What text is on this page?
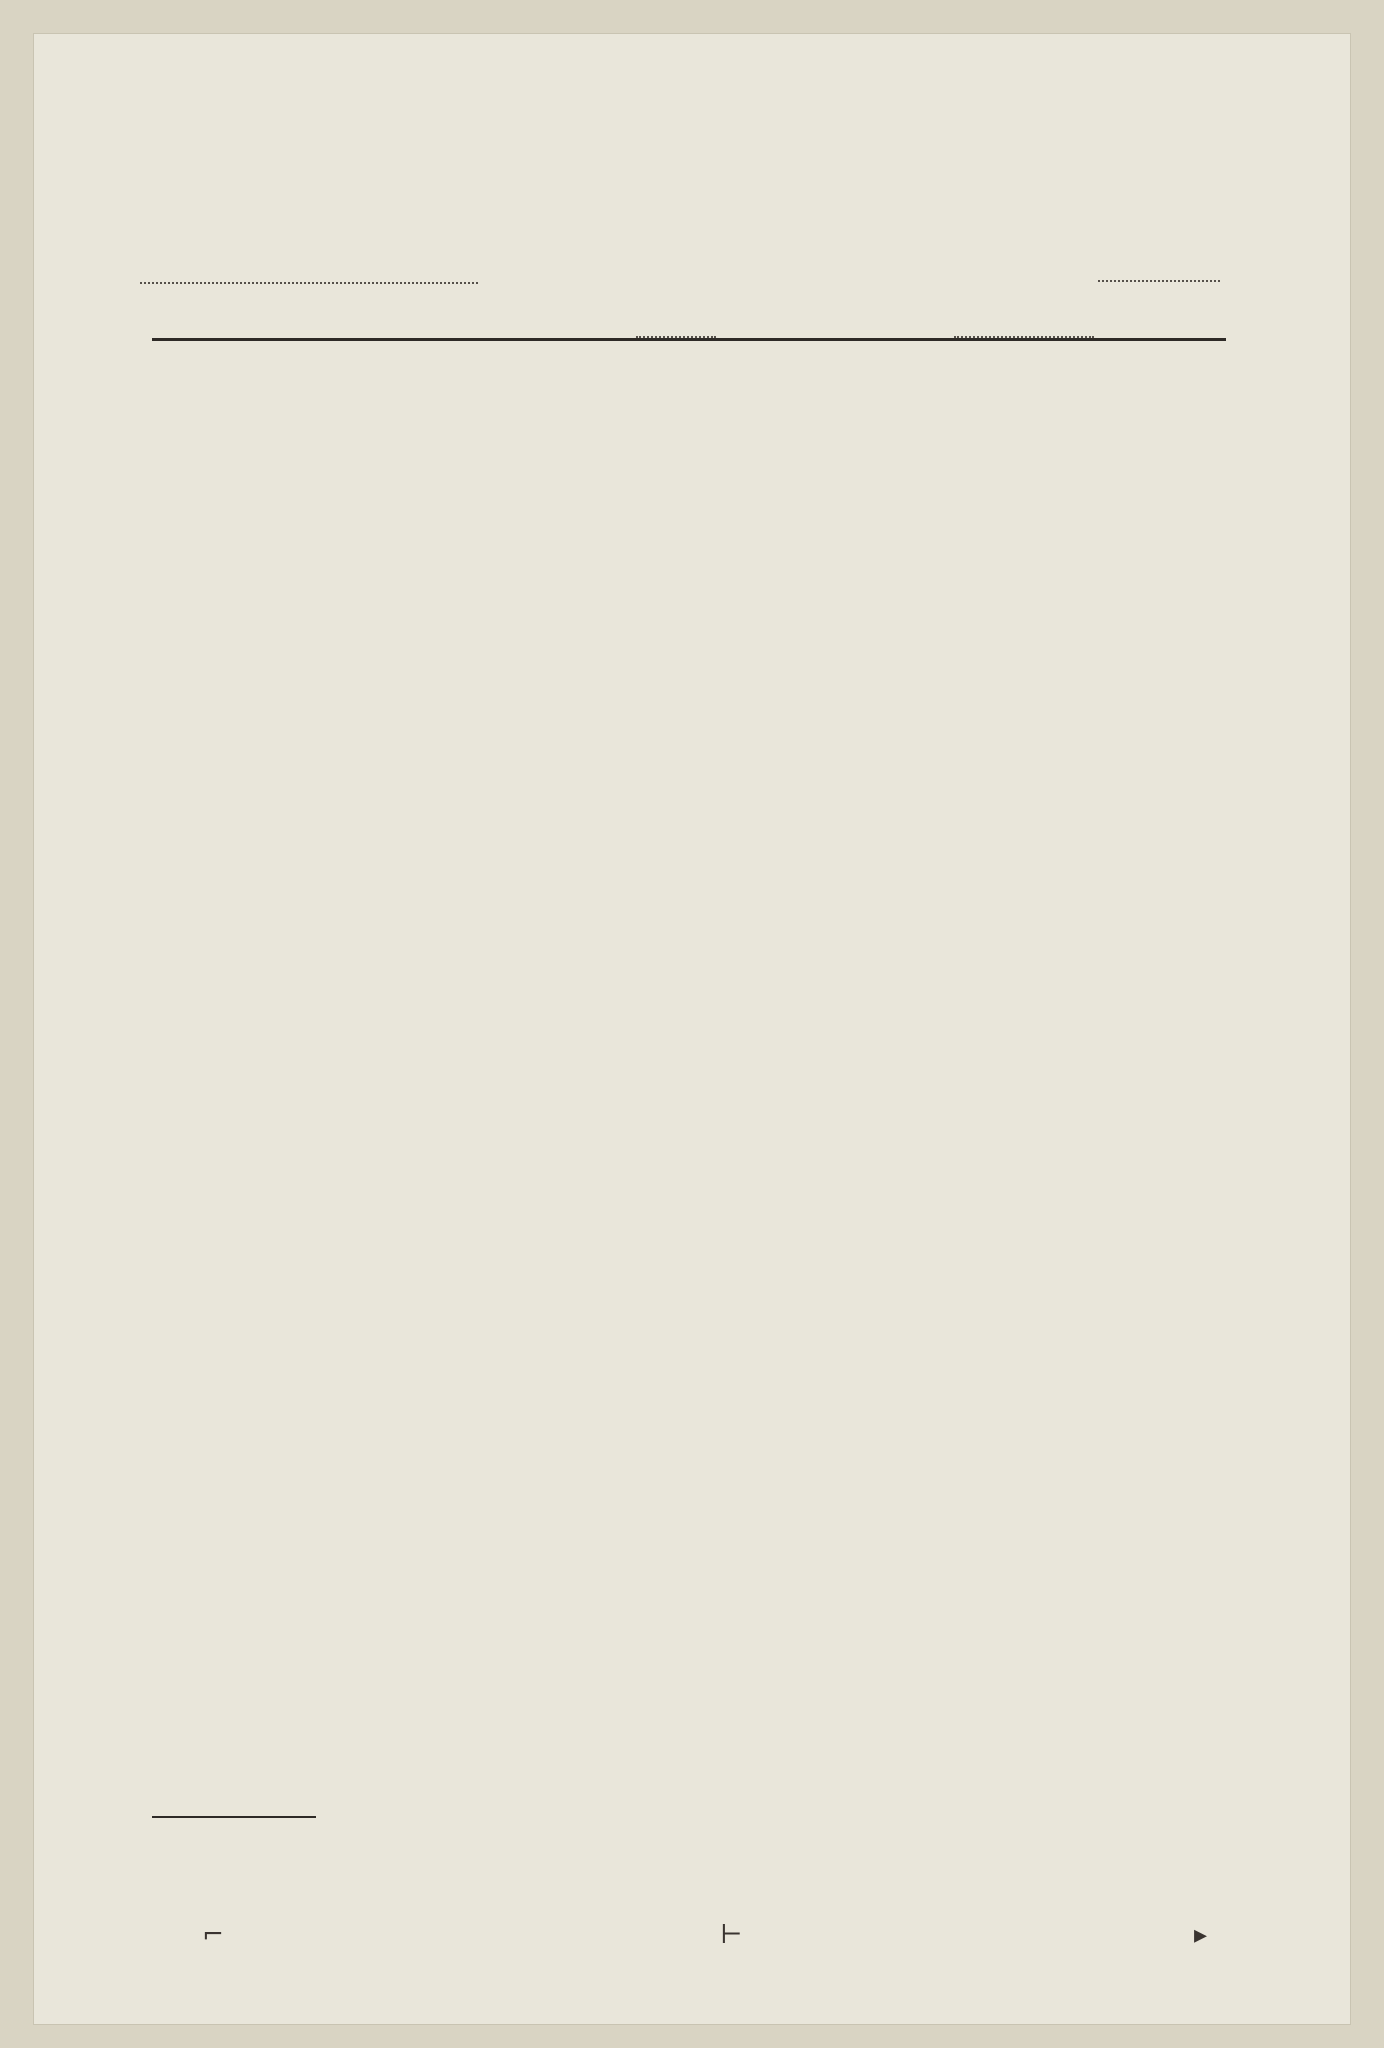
⌐	⊢	▸
